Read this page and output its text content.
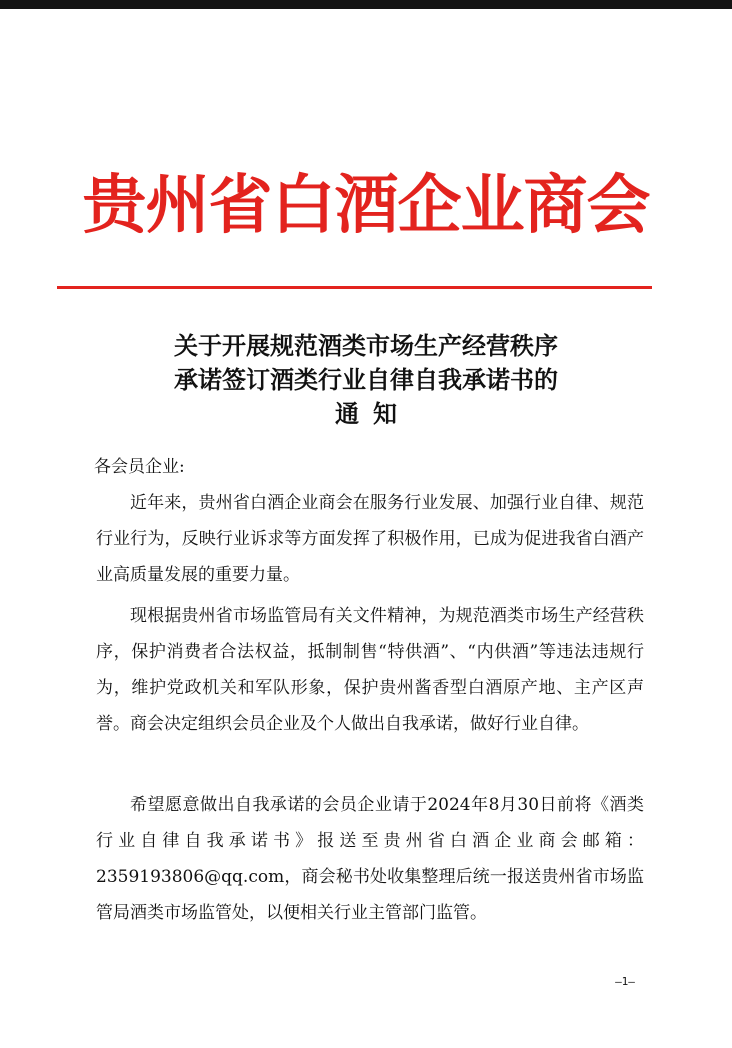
贵州省白酒企业商会
关于开展规范酒类市场生产经营秩序
承诺签订酒类行业自律自我承诺书的
通知
各会员企业:

近年来，贵州省白酒企业商会在服务行业发展、加强行业自律、规范行业行为，反映行业诉求等方面发挥了积极作用，已成为促进我省白酒产业高质量发展的重要力量。

现根据贵州省市场监管局有关文件精神，为规范酒类市场生产经营秩序，保护消费者合法权益，抵制制售“特供酒”、“内供酒”等违法违规行为，维护党政机关和军队形象，保护贵州酱香型白酒原产地、主产区声誉。商会决定组织会员企业及个人做出自我承诺，做好行业自律。

希望愿意做出自我承诺的会员企业请于2024年8月30日前将《酒类行业自律自我承诺书》报送至贵州省白酒企业商会邮箱：2359193806@qq.com，商会秘书处收集整理后统一报送贵州省市场监管局酒类市场监管处，以便相关行业主管部门监管。

—1—
